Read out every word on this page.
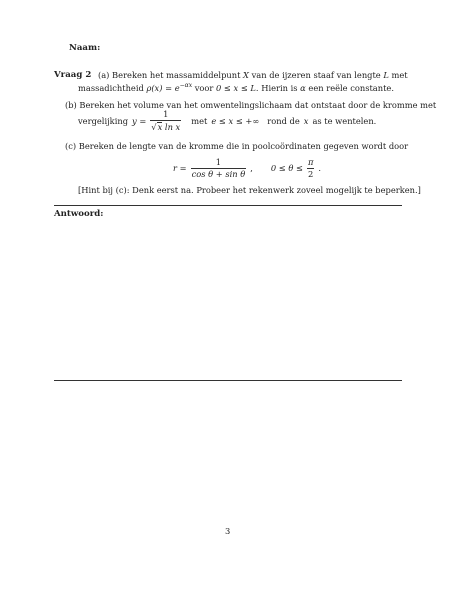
Naam:
Vraag 2 (a) Bereken het massamiddelpunt X van de ijzeren staaf van lengte L met
massadichtheid $\rho(x) = e^{-\alpha x}$ voor 0 ≤ x ≤ L. Hierin is α een reële constante.
(b) Bereken het volume van het omwentelingslichaam dat ontstaat door de kromme met
vergelijking $y = \frac{1}{\text{√x ln x}}$ met e ≤ x ≤ +∞ rond de x as te wentelen.
(c) Bereken de lengte van de kromme die in poolcoördinaten gegeven wordt door
$r = \frac{1}{\text{cos θ + sin θ}}$ , $0 \le \theta \le \frac{\pi}{2}$ .
[Hint bij (c): Denk eerst na. Probeer het rekenwerk zoveel mogelijk te beperken.]
Antwoord:
3
